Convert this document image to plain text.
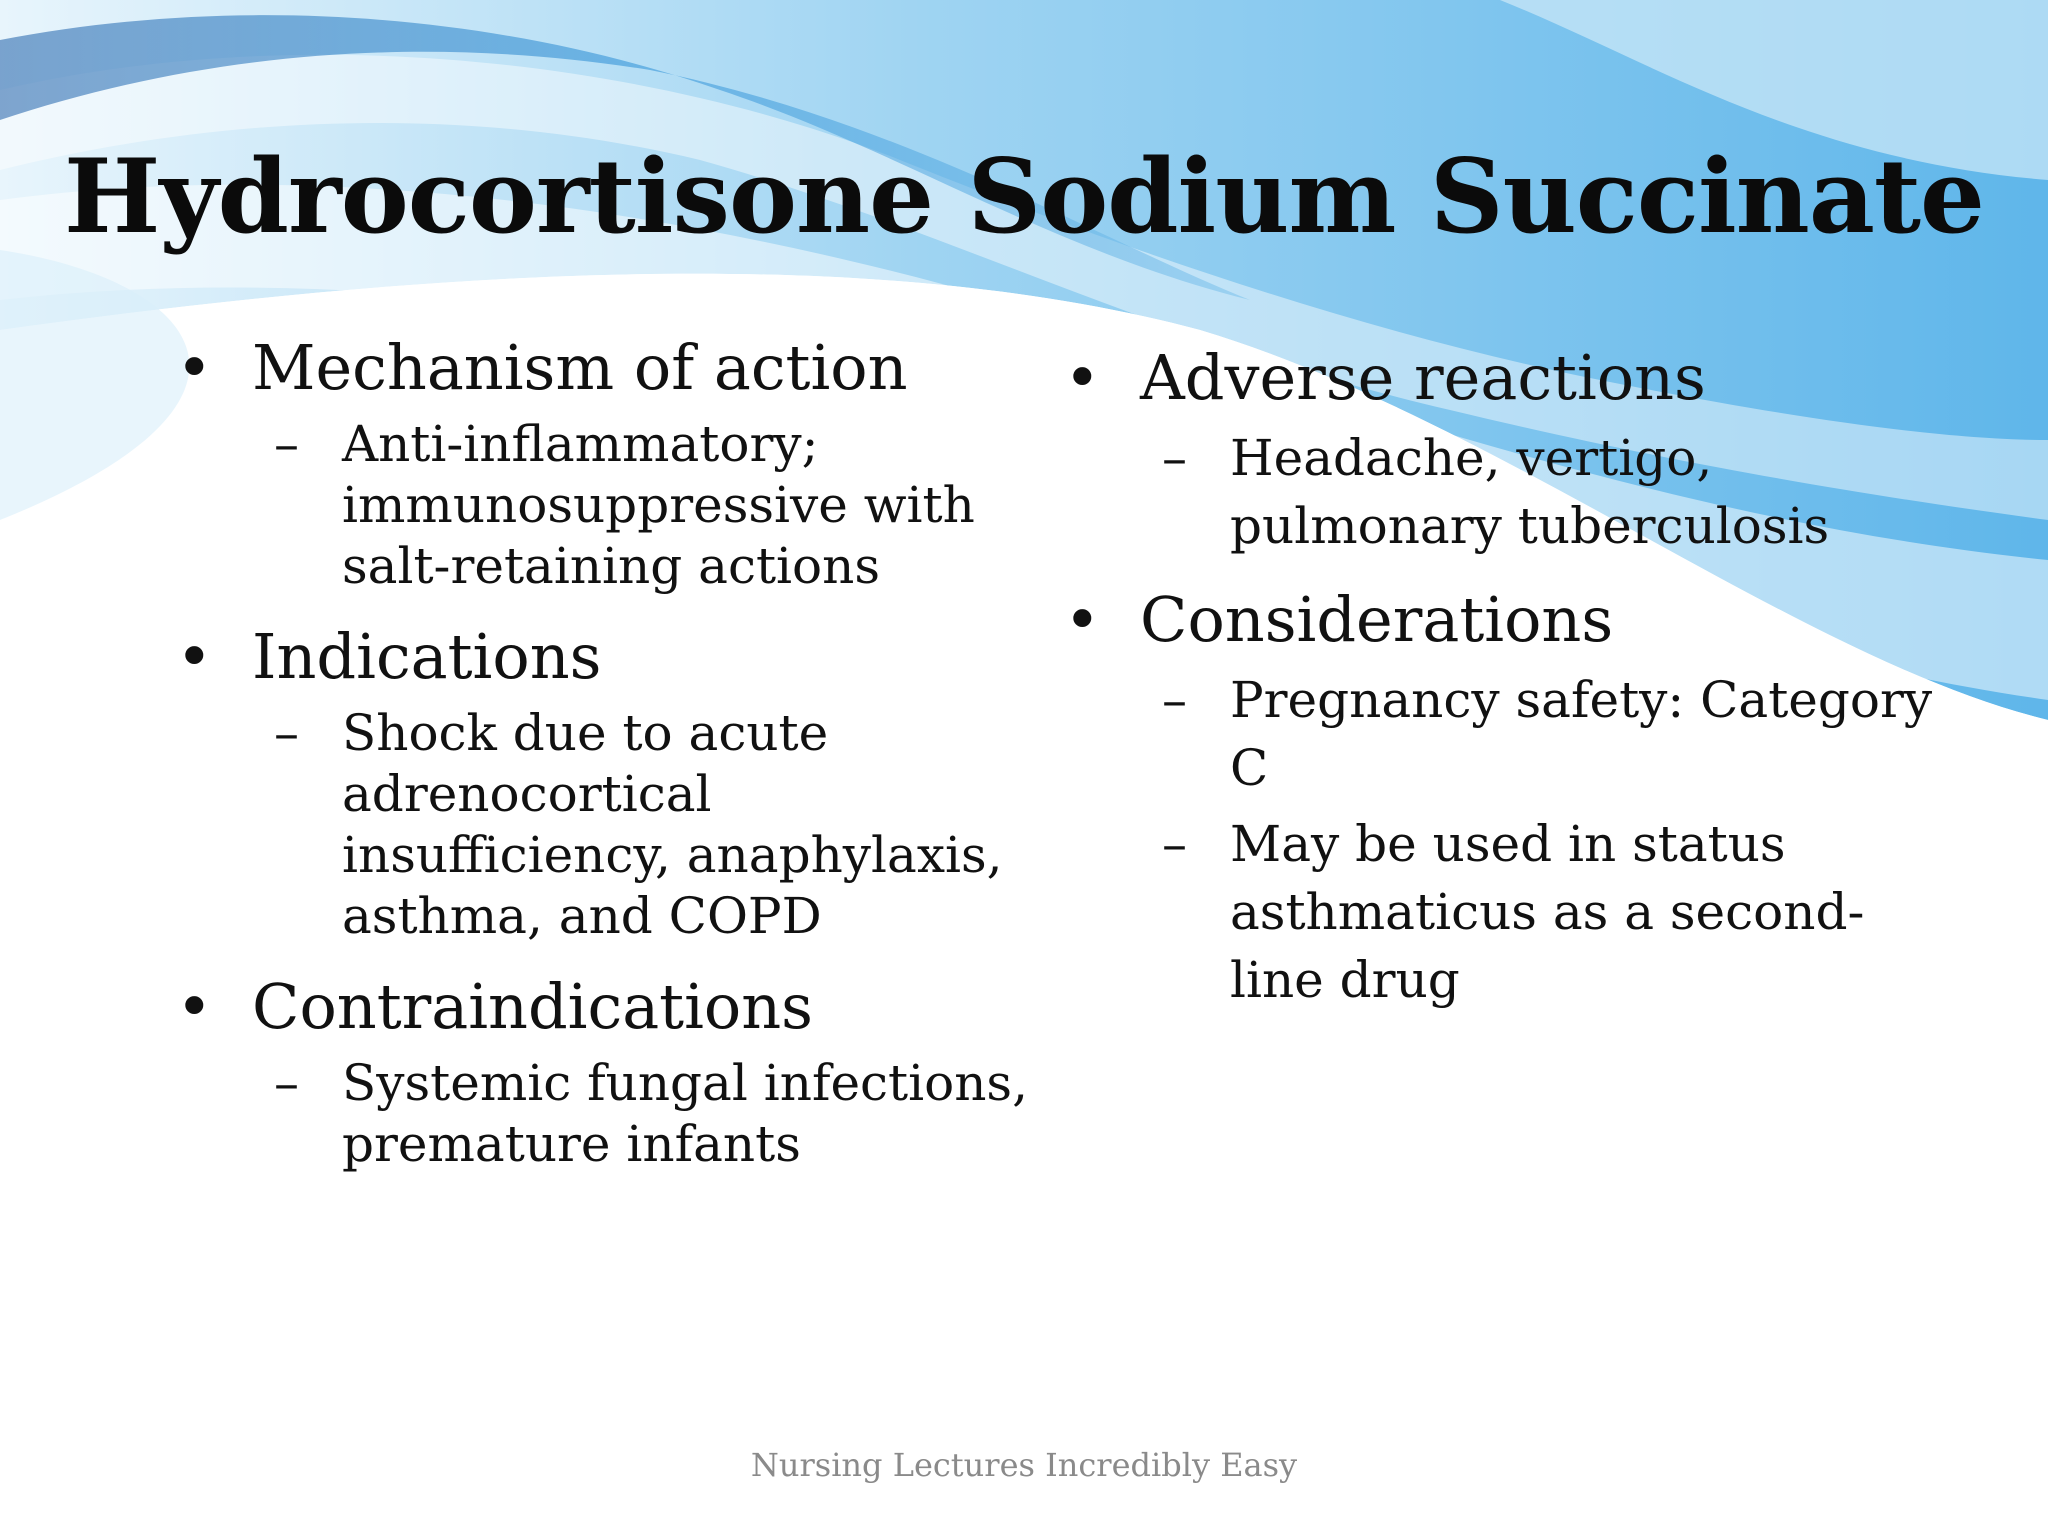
Hydrocortisone Sodium Succinate
• Mechanism of action
– Anti-inflammatory; immunosuppressive with salt-retaining actions
• Indications
– Shock due to acute adrenocortical insufficiency, anaphylaxis, asthma, and COPD
• Contraindications
– Systemic fungal infections, premature infants
• Adverse reactions
– Headache, vertigo, pulmonary tuberculosis
• Considerations
– Pregnancy safety: Category C
– May be used in status asthmaticus as a second-line drug
Nursing Lectures Incredibly Easy
